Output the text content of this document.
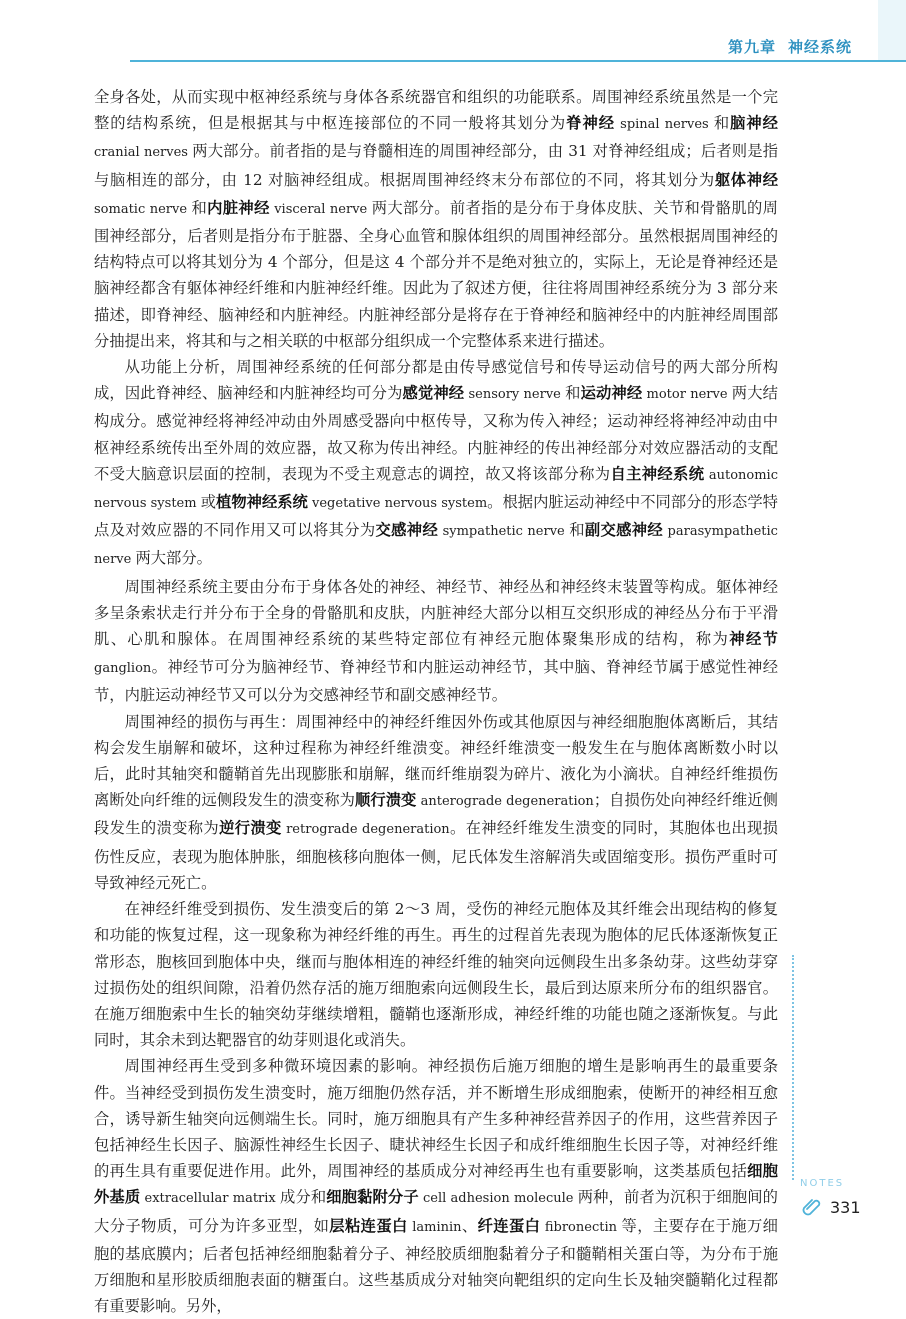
第九章 神经系统

全身各处，从而实现中枢神经系统与身体各系统器官和组织的功能联系。周围神经系统虽然是一个完整的结构系统，但是根据其与中枢连接部位的不同一般将其划分为脊神经 spinal nerves 和脑神经 cranial nerves 两大部分。前者指的是与脊髓相连的周围神经部分，由 31 对脊神经组成；后者则是指与脑相连的部分，由 12 对脑神经组成。根据周围神经终末分布部位的不同，将其划分为躯体神经 somatic nerve 和内脏神经 visceral nerve 两大部分。前者指的是分布于身体皮肤、关节和骨骼肌的周围神经部分，后者则是指分布于脏器、全身心血管和腺体组织的周围神经部分。虽然根据周围神经的结构特点可以将其划分为 4 个部分，但是这 4 个部分并不是绝对独立的，实际上，无论是脊神经还是脑神经都含有躯体神经纤维和内脏神经纤维。因此为了叙述方便，往往将周围神经系统分为 3 部分来描述，即脊神经、脑神经和内脏神经。内脏神经部分是将存在于脊神经和脑神经中的内脏神经周围部分抽提出来，将其和与之相关联的中枢部分组织成一个完整体系来进行描述。

从功能上分析，周围神经系统的任何部分都是由传导感觉信号和传导运动信号的两大部分所构成，因此脊神经、脑神经和内脏神经均可分为感觉神经 sensory nerve 和运动神经 motor nerve 两大结构成分。感觉神经将神经冲动由外周感受器向中枢传导，又称为传入神经；运动神经将神经冲动由中枢神经系统传出至外周的效应器，故又称为传出神经。内脏神经的传出神经部分对效应器活动的支配不受大脑意识层面的控制，表现为不受主观意志的调控，故又将该部分称为自主神经系统 autonomic nervous system 或植物神经系统 vegetative nervous system。根据内脏运动神经中不同部分的形态学特点及对效应器的不同作用又可以将其分为交感神经 sympathetic nerve 和副交感神经 parasympathetic nerve 两大部分。

周围神经系统主要由分布于身体各处的神经、神经节、神经丛和神经终末装置等构成。躯体神经多呈条索状走行并分布于全身的骨骼肌和皮肤，内脏神经大部分以相互交织形成的神经丛分布于平滑肌、心肌和腺体。在周围神经系统的某些特定部位有神经元胞体聚集形成的结构，称为神经节 ganglion。神经节可分为脑神经节、脊神经节和内脏运动神经节，其中脑、脊神经节属于感觉性神经节，内脏运动神经节又可以分为交感神经节和副交感神经节。

周围神经的损伤与再生：周围神经中的神经纤维因外伤或其他原因与神经细胞胞体离断后，其结构会发生崩解和破坏，这种过程称为神经纤维溃变。神经纤维溃变一般发生在与胞体离断数小时以后，此时其轴突和髓鞘首先出现膨胀和崩解，继而纤维崩裂为碎片、液化为小滴状。自神经纤维损伤离断处向纤维的远侧段发生的溃变称为顺行溃变 anterograde degeneration；自损伤处向神经纤维近侧段发生的溃变称为逆行溃变 retrograde degeneration。在神经纤维发生溃变的同时，其胞体也出现损伤性反应，表现为胞体肿胀，细胞核移向胞体一侧，尼氏体发生溶解消失或固缩变形。损伤严重时可导致神经元死亡。

在神经纤维受到损伤、发生溃变后的第 2～3 周，受伤的神经元胞体及其纤维会出现结构的修复和功能的恢复过程，这一现象称为神经纤维的再生。再生的过程首先表现为胞体的尼氏体逐渐恢复正常形态，胞核回到胞体中央，继而与胞体相连的神经纤维的轴突向远侧段生出多条幼芽。这些幼芽穿过损伤处的组织间隙，沿着仍然存活的施万细胞索向远侧段生长，最后到达原来所分布的组织器官。在施万细胞索中生长的轴突幼芽继续增粗，髓鞘也逐渐形成，神经纤维的功能也随之逐渐恢复。与此同时，其余未到达靶器官的幼芽则退化或消失。

周围神经再生受到多种微环境因素的影响。神经损伤后施万细胞的增生是影响再生的最重要条件。当神经受到损伤发生溃变时，施万细胞仍然存活，并不断增生形成细胞索，使断开的神经相互愈合，诱导新生轴突向远侧端生长。同时，施万细胞具有产生多种神经营养因子的作用，这些营养因子包括神经生长因子、脑源性神经生长因子、睫状神经生长因子和成纤维细胞生长因子等，对神经纤维的再生具有重要促进作用。此外，周围神经的基质成分对神经再生也有重要影响，这类基质包括细胞外基质 extracellular matrix 成分和细胞黏附分子 cell adhesion molecule 两种，前者为沉积于细胞间的大分子物质，可分为许多亚型，如层粘连蛋白 laminin、纤连蛋白 fibronectin 等，主要存在于施万细胞的基底膜内；后者包括神经细胞黏着分子、神经胶质细胞黏着分子和髓鞘相关蛋白等，为分布于施万细胞和星形胶质细胞表面的糖蛋白。这些基质成分对轴突向靶组织的定向生长及轴突髓鞘化过程都有重要影响。另外，

NOTES
331
